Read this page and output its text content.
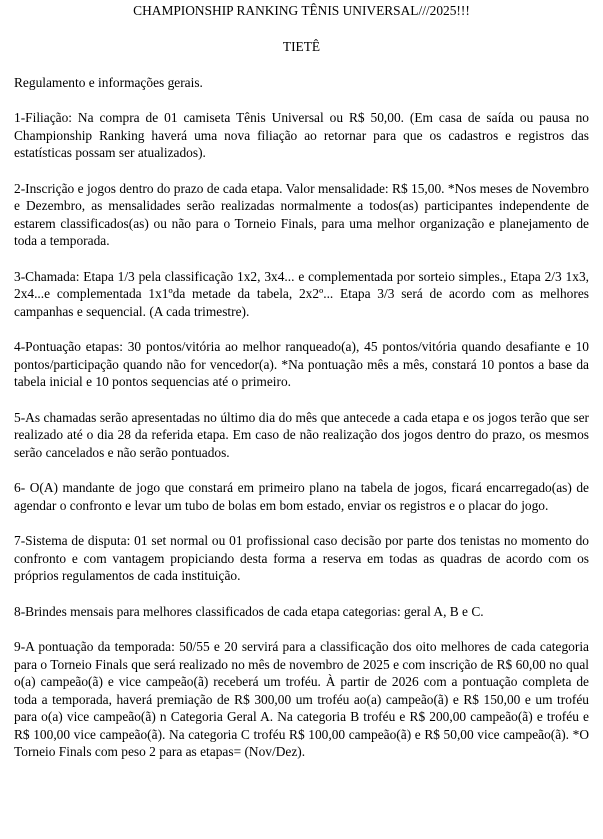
CHAMPIONSHIP RANKING TÊNIS UNIVERSAL///2025!!!

TIETÊ

Regulamento e informações gerais.

1-Filiação: Na compra de 01 camiseta Tênis Universal ou R$ 50,00. (Em casa de saída ou pausa no Championship Ranking haverá uma nova filiação ao retornar para que os cadastros e registros das estatísticas possam ser atualizados).

2-Inscrição e jogos dentro do prazo de cada etapa. Valor mensalidade: R$ 15,00. *Nos meses de Novembro e Dezembro, as mensalidades serão realizadas normalmente a todos(as) participantes independente de estarem classificados(as) ou não para o Torneio Finals, para uma melhor organização e planejamento de toda a temporada.

3-Chamada: Etapa 1/3 pela classificação 1x2, 3x4... e complementada por sorteio simples., Etapa 2/3 1x3, 2x4...e complementada 1x1ºda metade da tabela, 2x2º... Etapa 3/3 será de acordo com as melhores campanhas e sequencial. (A cada trimestre).

4-Pontuação etapas: 30 pontos/vitória ao melhor ranqueado(a), 45 pontos/vitória quando desafiante e 10 pontos/participação quando não for vencedor(a). *Na pontuação mês a mês, constará 10 pontos a base da tabela inicial e 10 pontos sequencias até o primeiro.

5-As chamadas serão apresentadas no último dia do mês que antecede a cada etapa e os jogos terão que ser realizado até o dia 28 da referida etapa. Em caso de não realização dos jogos dentro do prazo, os mesmos serão cancelados e não serão pontuados.

6- O(A) mandante de jogo que constará em primeiro plano na tabela de jogos, ficará encarregado(as) de agendar o confronto e levar um tubo de bolas em bom estado, enviar os registros e o placar do jogo.

7-Sistema de disputa: 01 set normal ou 01 profissional caso decisão por parte dos tenistas no momento do confronto e com vantagem propiciando desta forma a reserva em todas as quadras de acordo com os próprios regulamentos de cada instituição.

8-Brindes mensais para melhores classificados de cada etapa categorias: geral A, B e C.

9-A pontuação da temporada: 50/55 e 20 servirá para a classificação dos oito melhores de cada categoria para o Torneio Finals que será realizado no mês de novembro de 2025 e com inscrição de R$ 60,00 no qual o(a) campeão(ã) e vice campeão(ã) receberá um troféu. À partir de 2026 com a pontuação completa de toda a temporada, haverá premiação de R$ 300,00 um troféu ao(a) campeão(ã) e R$ 150,00 e um troféu para o(a) vice campeão(ã) n Categoria Geral A. Na categoria B troféu e R$ 200,00 campeão(ã) e troféu e R$ 100,00 vice campeão(ã). Na categoria C troféu R$ 100,00 campeão(ã) e R$ 50,00 vice campeão(ã). *O Torneio Finals com peso 2 para as etapas= (Nov/Dez).
